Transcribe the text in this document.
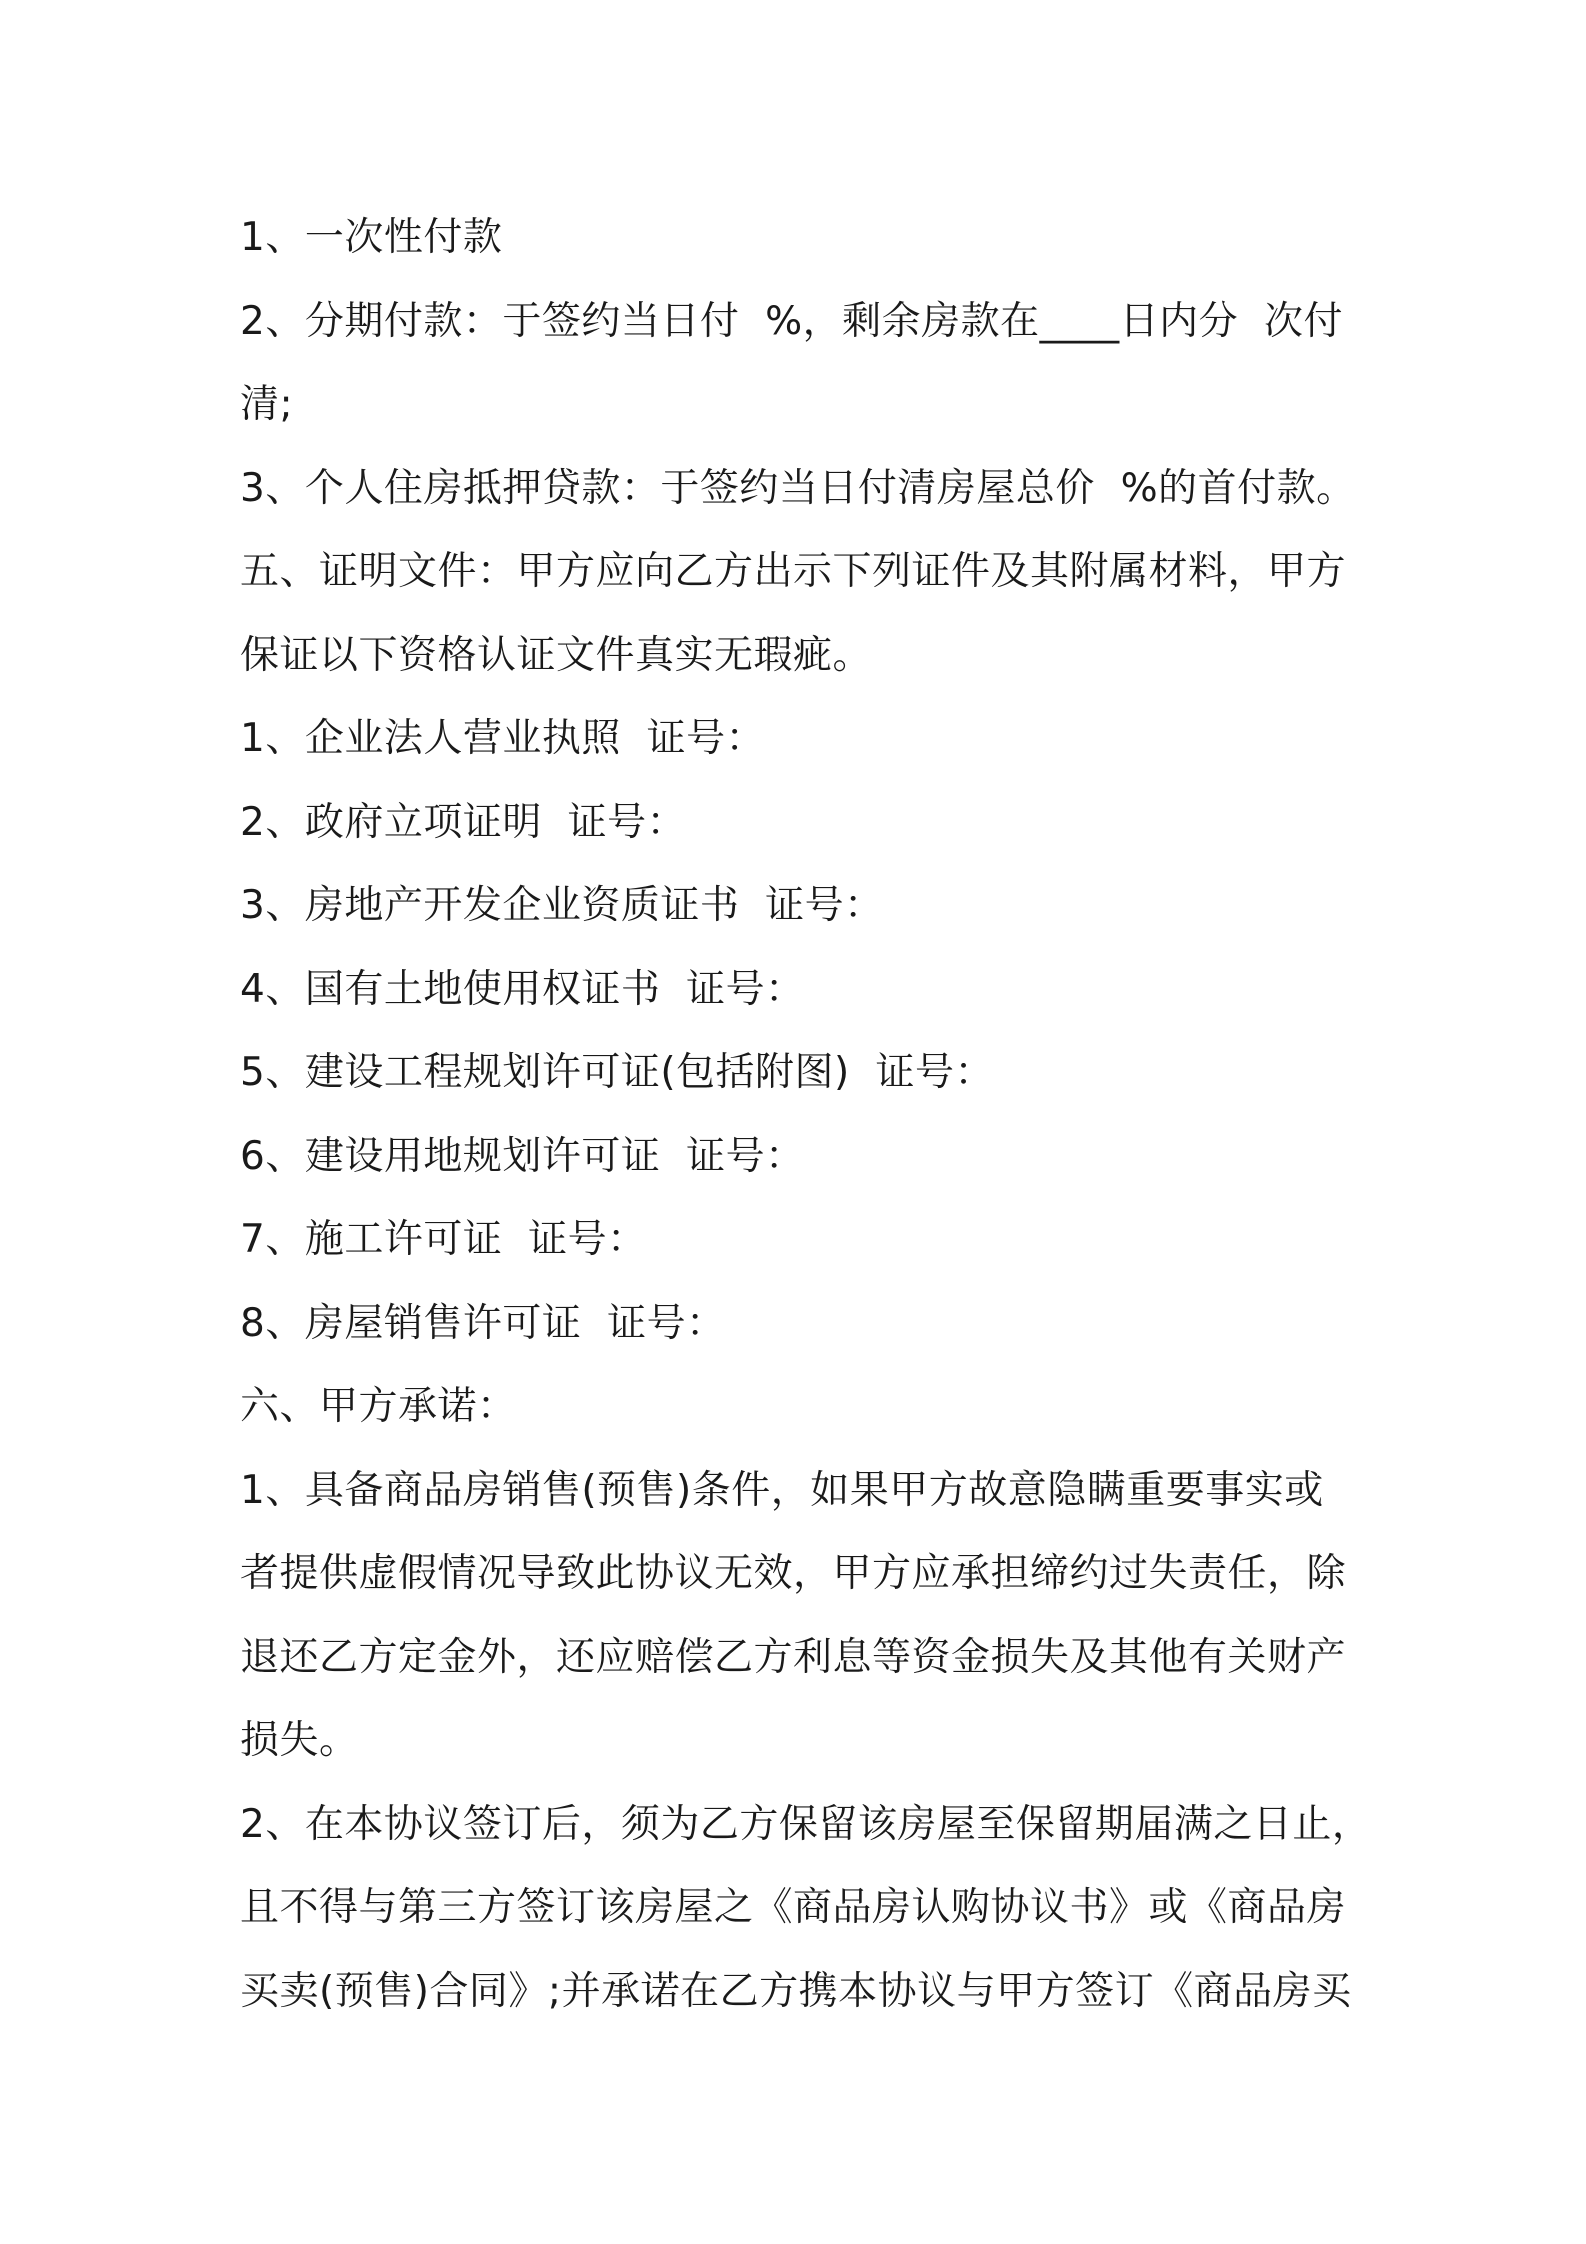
1、一次性付款
2、分期付款：于签约当日付  %，剩余房款在____日内分  次付
清;
3、个人住房抵押贷款：于签约当日付清房屋总价  %的首付款。
五、证明文件：甲方应向乙方出示下列证件及其附属材料，甲方
保证以下资格认证文件真实无瑕疵。
1、企业法人营业执照  证号：
2、政府立项证明  证号：
3、房地产开发企业资质证书  证号：
4、国有土地使用权证书  证号：
5、建设工程规划许可证(包括附图)  证号：
6、建设用地规划许可证  证号：
7、施工许可证  证号：
8、房屋销售许可证  证号：
六、甲方承诺：
1、具备商品房销售(预售)条件，如果甲方故意隐瞒重要事实或
者提供虚假情况导致此协议无效，甲方应承担缔约过失责任，除
退还乙方定金外，还应赔偿乙方利息等资金损失及其他有关财产
损失。
2、在本协议签订后，须为乙方保留该房屋至保留期届满之日止，
且不得与第三方签订该房屋之《商品房认购协议书》或《商品房
买卖(预售)合同》;并承诺在乙方携本协议与甲方签订《商品房买
